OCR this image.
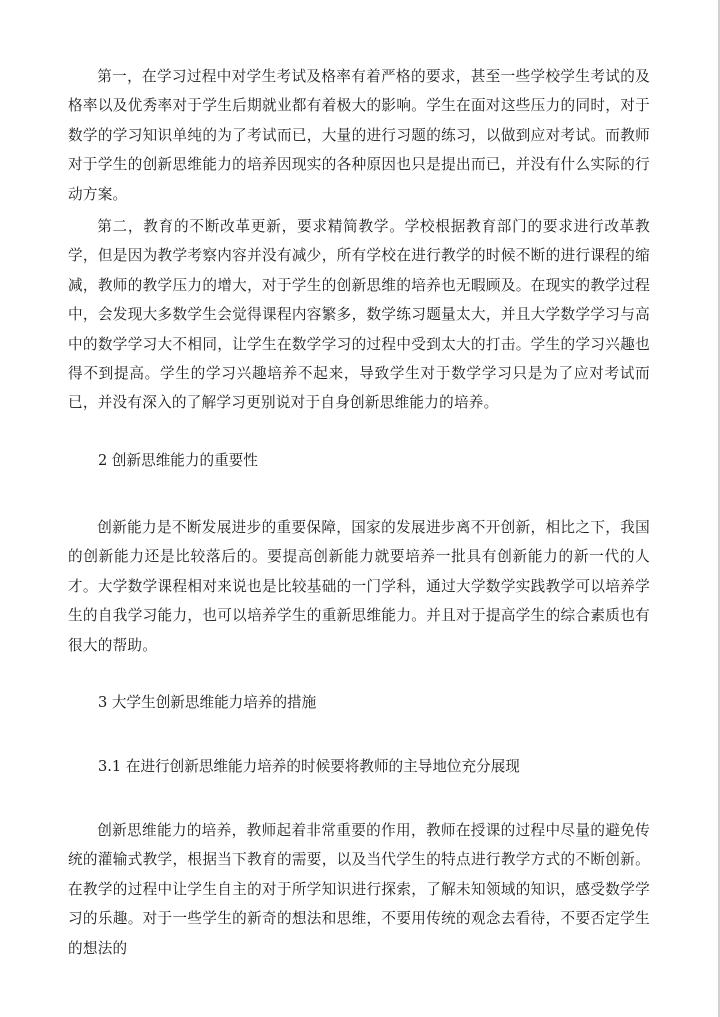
第一，在学习过程中对学生考试及格率有着严格的要求，甚至一些学校学生考试的及格率以及优秀率对于学生后期就业都有着极大的影响。学生在面对这些压力的同时，对于数学的学习知识单纯的为了考试而已，大量的进行习题的练习，以做到应对考试。而教师对于学生的创新思维能力的培养因现实的各种原因也只是提出而已，并没有什么实际的行动方案。

第二，教育的不断改革更新，要求精简教学。学校根据教育部门的要求进行改革教学，但是因为教学考察内容并没有减少，所有学校在进行教学的时候不断的进行课程的缩减，教师的教学压力的增大，对于学生的创新思维的培养也无暇顾及。在现实的教学过程中，会发现大多数学生会觉得课程内容繁多，数学练习题量太大，并且大学数学学习与高中的数学学习大不相同，让学生在数学学习的过程中受到太大的打击。学生的学习兴趣也得不到提高。学生的学习兴趣培养不起来，导致学生对于数学学习只是为了应对考试而已，并没有深入的了解学习更别说对于自身创新思维能力的培养。

2 创新思维能力的重要性

创新能力是不断发展进步的重要保障，国家的发展进步离不开创新，相比之下，我国的创新能力还是比较落后的。要提高创新能力就要培养一批具有创新能力的新一代的人才。大学数学课程相对来说也是比较基础的一门学科，通过大学数学实践教学可以培养学生的自我学习能力，也可以培养学生的重新思维能力。并且对于提高学生的综合素质也有很大的帮助。

3 大学生创新思维能力培养的措施
3.1 在进行创新思维能力培养的时候要将教师的主导地位充分展现

创新思维能力的培养，教师起着非常重要的作用，教师在授课的过程中尽量的避免传统的灌输式教学，根据当下教育的需要，以及当代学生的特点进行教学方式的不断创新。在教学的过程中让学生自主的对于所学知识进行探索，了解未知领域的知识，感受数学学习的乐趣。对于一些学生的新奇的想法和思维，不要用传统的观念去看待，不要否定学生的想法的
